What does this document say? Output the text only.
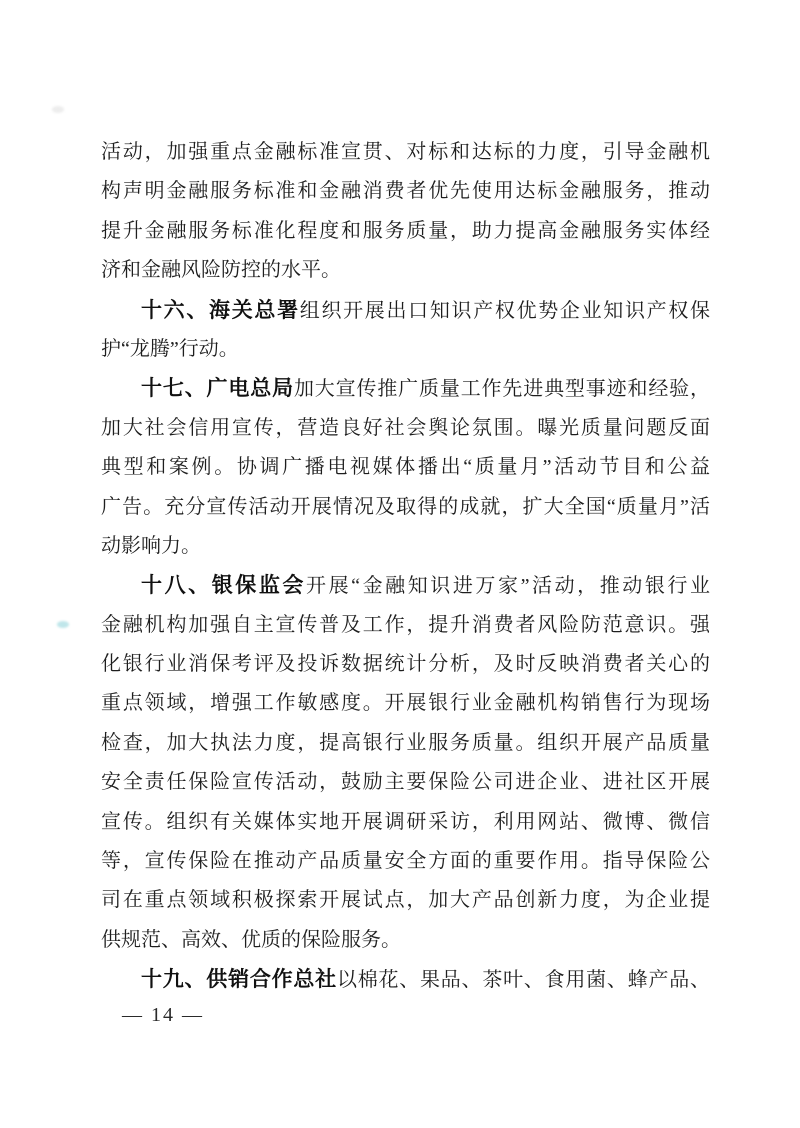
活动，加强重点金融标准宣贯、对标和达标的力度，引导金融机
构声明金融服务标准和金融消费者优先使用达标金融服务，推动
提升金融服务标准化程度和服务质量，助力提高金融服务实体经
济和金融风险防控的水平。
十六、海关总署组织开展出口知识产权优势企业知识产权保
护“龙腾”行动。
十七、广电总局加大宣传推广质量工作先进典型事迹和经验，
加大社会信用宣传，营造良好社会舆论氛围。曝光质量问题反面
典型和案例。协调广播电视媒体播出“质量月”活动节目和公益
广告。充分宣传活动开展情况及取得的成就，扩大全国“质量月”活
动影响力。
十八、银保监会开展“金融知识进万家”活动，推动银行业
金融机构加强自主宣传普及工作，提升消费者风险防范意识。强
化银行业消保考评及投诉数据统计分析，及时反映消费者关心的
重点领域，增强工作敏感度。开展银行业金融机构销售行为现场
检查，加大执法力度，提高银行业服务质量。组织开展产品质量
安全责任保险宣传活动，鼓励主要保险公司进企业、进社区开展
宣传。组织有关媒体实地开展调研采访，利用网站、微博、微信
等，宣传保险在推动产品质量安全方面的重要作用。指导保险公
司在重点领域积极探索开展试点，加大产品创新力度，为企业提
供规范、高效、优质的保险服务。
十九、供销合作总社以棉花、果品、茶叶、食用菌、蜂产品、
— 14 —
